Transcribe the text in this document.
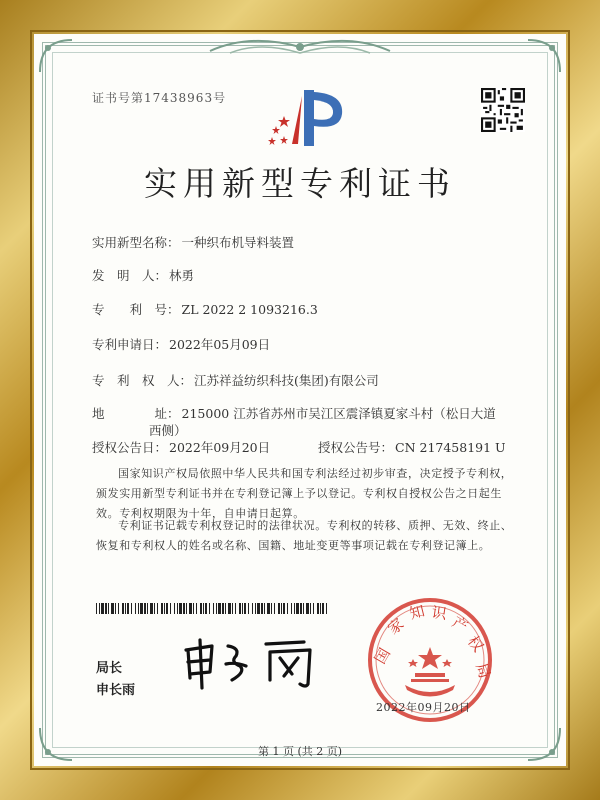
证书号第17438963号
实用新型专利证书
实用新型名称： 一种织布机导料装置
发　明　人： 林勇
专　　利　号： ZL 2022 2 1093216.3
专利申请日： 2022年05月09日
专　利　权　人： 江苏祥益纺织科技(集团)有限公司
地　　　　址： 215000 江苏省苏州市吴江区震泽镇夏家斗村（松日大道
西侧）
授权公告日： 2022年09月20日	授权公告号： CN 217458191 U
国家知识产权局依照中华人民共和国专利法经过初步审查，决定授予专利权，颁发实用新型专利证书并在专利登记簿上予以登记。专利权自授权公告之日起生效。专利权期限为十年，自申请日起算。
专利证书记载专利权登记时的法律状况。专利权的转移、质押、无效、终止、恢复和专利权人的姓名或名称、国籍、地址变更等事项记载在专利登记簿上。
局长
申长雨
国
家
知 识 产
权
局
2022年09月20日
第 1 页 (共 2 页)
